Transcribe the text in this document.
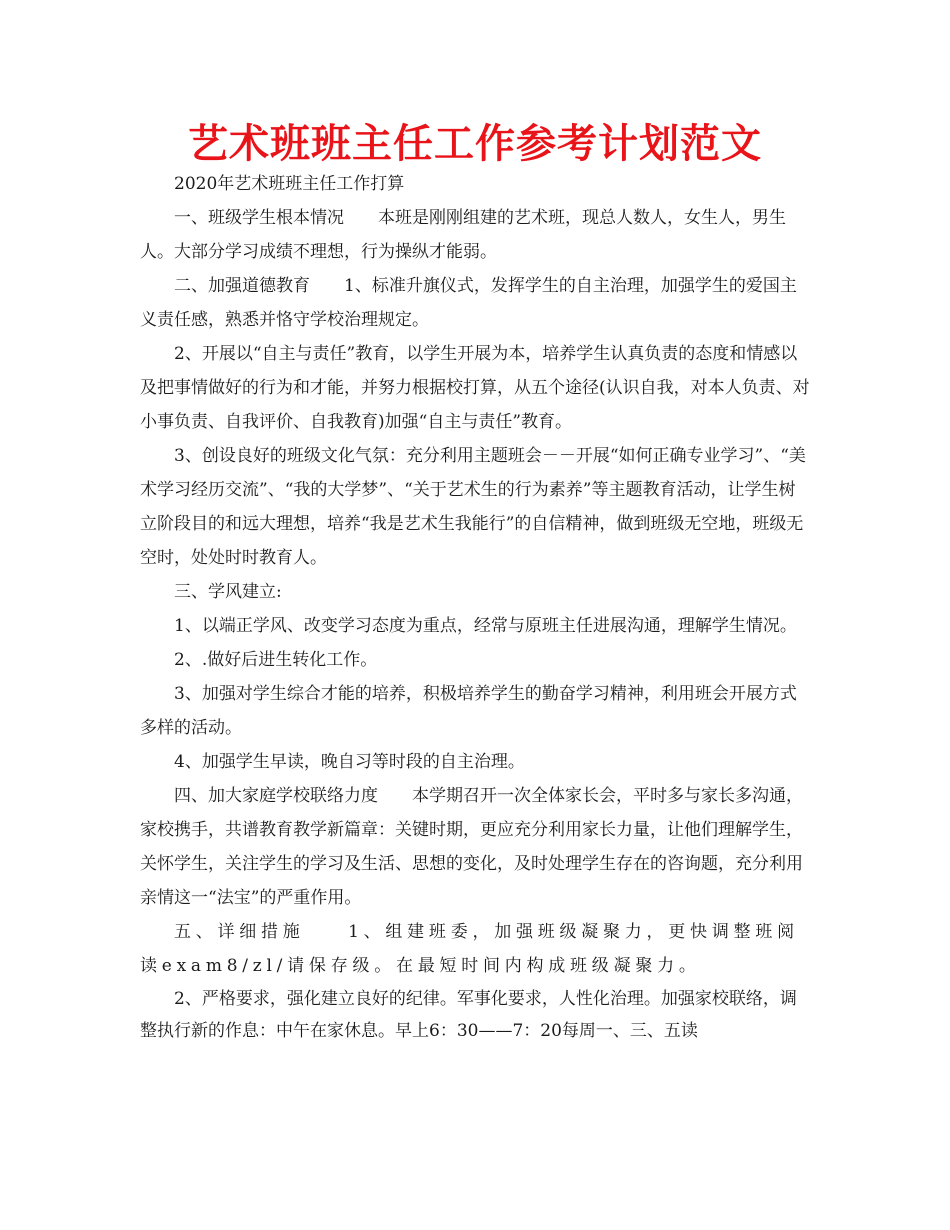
艺术班班主任工作参考计划范文

2020年艺术班班主任工作打算

一、班级学生根本情况　　本班是刚刚组建的艺术班，现总人数人，女生人，男生人。大部分学习成绩不理想，行为操纵才能弱。

二、加强道德教育　　1、标准升旗仪式，发挥学生的自主治理，加强学生的爱国主义责任感，熟悉并恪守学校治理规定。

2、开展以“自主与责任”教育，以学生开展为本，培养学生认真负责的态度和情感以及把事情做好的行为和才能，并努力根据校打算，从五个途径(认识自我，对本人负责、对小事负责、自我评价、自我教育)加强“自主与责任”教育。

3、创设良好的班级文化气氛：充分利用主题班会－－开展“如何正确专业学习”、“美术学习经历交流”、“我的大学梦”、“关于艺术生的行为素养”等主题教育活动，让学生树立阶段目的和远大理想，培养“我是艺术生我能行”的自信精神，做到班级无空地，班级无空时，处处时时教育人。

三、学风建立:

1、以端正学风、改变学习态度为重点，经常与原班主任进展沟通，理解学生情况。

2、.做好后进生转化工作。

3、加强对学生综合才能的培养，积极培养学生的勤奋学习精神，利用班会开展方式多样的活动。

4、加强学生早读，晚自习等时段的自主治理。

四、加大家庭学校联络力度　　本学期召开一次全体家长会，平时多与家长多沟通，家校携手，共谱教育教学新篇章：关键时期，更应充分利用家长力量，让他们理解学生，关怀学生，关注学生的学习及生活、思想的变化，及时处理学生存在的咨询题，充分利用亲情这一“法宝”的严重作用。

五、详细措施　　1、组建班委，加强班级凝聚力，更快调整班阅读exam8/zl/请保存级。在最短时间内构成班级凝聚力。

2、严格要求，强化建立良好的纪律。军事化要求，人性化治理。加强家校联络，调整执行新的作息：中午在家休息。早上6：30——7：20每周一、三、五读
